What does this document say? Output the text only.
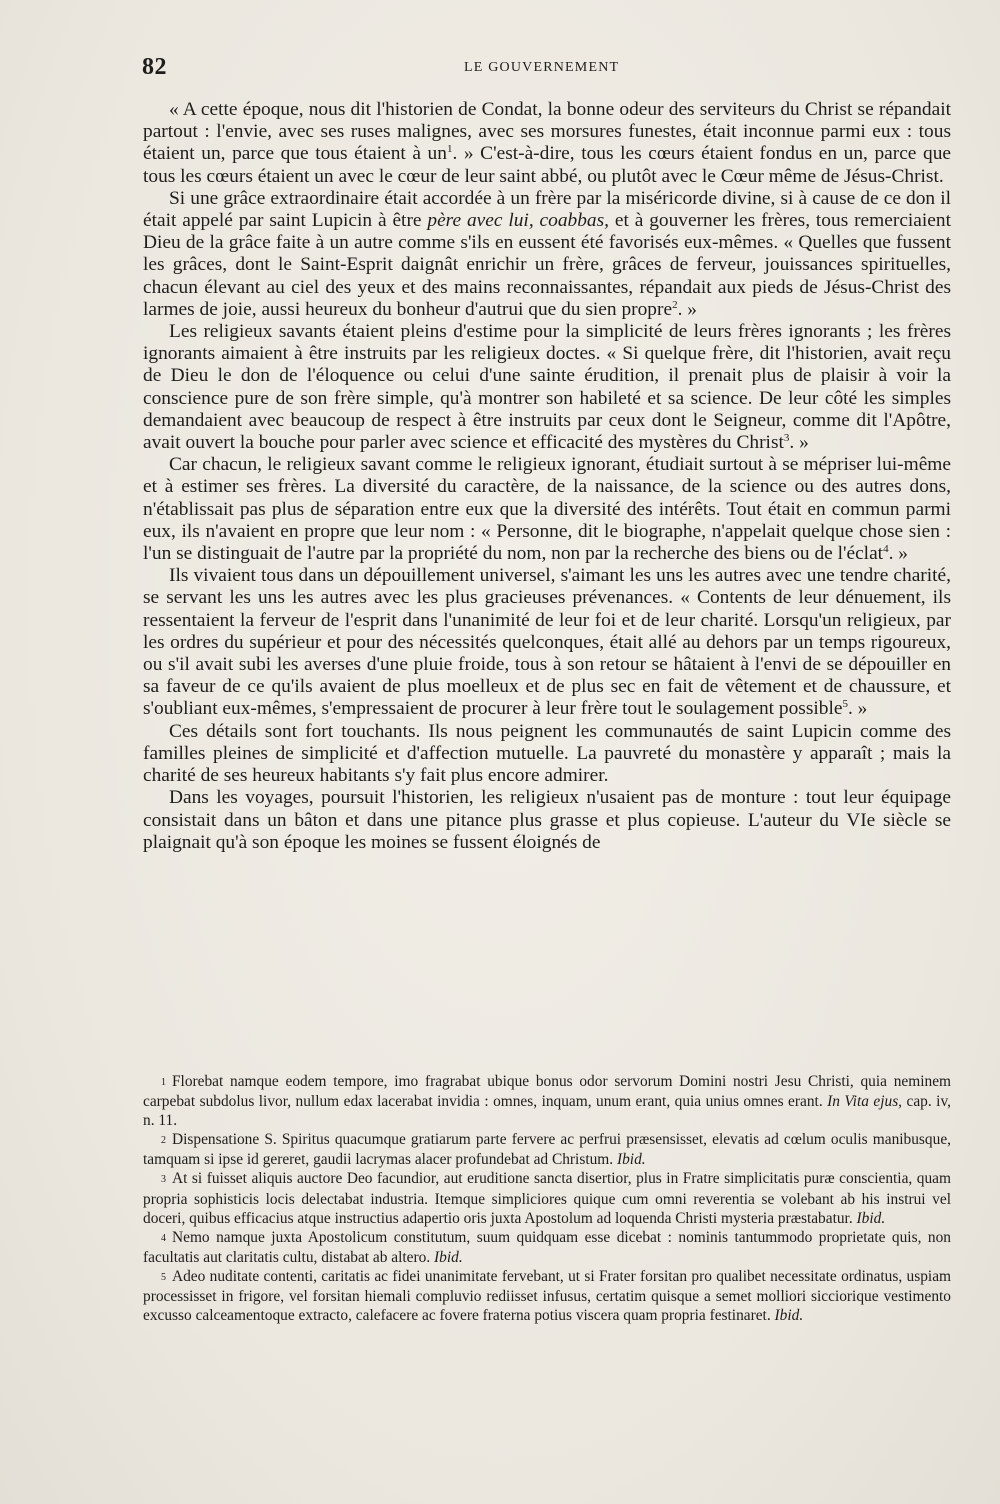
82	LE GOUVERNEMENT

« A cette époque, nous dit l'historien de Condat, la bonne odeur des serviteurs du Christ se répandait partout : l'envie, avec ses ruses malignes, avec ses morsures funestes, était inconnue parmi eux : tous étaient un, parce que tous étaient à $un^1$. » C'est-à-dire, tous les cœurs étaient fondus en un, parce que tous les cœurs étaient un avec le cœur de leur saint abbé, ou plutôt avec le Cœur même de Jésus-Christ.

Si une grâce extraordinaire était accordée à un frère par la miséricorde divine, si à cause de ce don il était appelé par saint Lupicin à être père avec lui, coabbas, et à gouverner les frères, tous remerciaient Dieu de la grâce faite à un autre comme s'ils en eussent été favorisés eux-mêmes. « Quelles que fussent les grâces, dont le Saint-Esprit daignât enrichir un frère, grâces de ferveur, jouissances spirituelles, chacun élevant au ciel des yeux et des mains reconnaissantes, répandait aux pieds de Jésus-Christ des larmes de joie, aussi heureux du bonheur d'autrui que du sien propre$^2$. »

Les religieux savants étaient pleins d'estime pour la simplicité de leurs frères ignorants ; les frères ignorants aimaient à être instruits par les religieux doctes. « Si quelque frère, dit l'historien, avait reçu de Dieu le don de l'éloquence ou celui d'une sainte érudition, il prenait plus de plaisir à voir la conscience pure de son frère simple, qu'à montrer son habileté et sa science. De leur côté les simples demandaient avec beaucoup de respect à être instruits par ceux dont le Seigneur, comme dit l'Apôtre, avait ouvert la bouche pour parler avec science et efficacité des mystères du Christ$^3$. »

Car chacun, le religieux savant comme le religieux ignorant, étudiait surtout à se mépriser lui-même et à estimer ses frères. La diversité du caractère, de la naissance, de la science ou des autres dons, n'établissait pas plus de séparation entre eux que la diversité des intérêts. Tout était en commun parmi eux, ils n'avaient en propre que leur nom : « Personne, dit le biographe, n'appelait quelque chose sien : l'un se distinguait de l'autre par la propriété du nom, non par la recherche des biens ou de l'éclat$^4$. »

Ils vivaient tous dans un dépouillement universel, s'aimant les uns les autres avec une tendre charité, se servant les uns les autres avec les plus gracieuses prévenances. « Contents de leur dénuement, ils ressentaient la ferveur de l'esprit dans l'unanimité de leur foi et de leur charité. Lorsqu'un religieux, par les ordres du supérieur et pour des nécessités quelconques, était allé au dehors par un temps rigoureux, ou s'il avait subi les averses d'une pluie froide, tous à son retour se hâtaient à l'envi de se dépouiller en sa faveur de ce qu'ils avaient de plus moelleux et de plus sec en fait de vêtement et de chaussure, et s'oubliant eux-mêmes, s'empressaient de procurer à leur frère tout le soulagement possible$^5$. »

Ces détails sont fort touchants. Ils nous peignent les communautés de saint Lupicin comme des familles pleines de simplicité et d'affection mutuelle. La pauvreté du monastère y apparaît ; mais la charité de ses heureux habitants s'y fait plus encore admirer.

Dans les voyages, poursuit l'historien, les religieux n'usaient pas de monture : tout leur équipage consistait dans un bâton et dans une pitance plus grasse et plus copieuse. L'auteur du VIe siècle se plaignait qu'à son époque les moines se fussent éloignés de

1 Florebat namque eodem tempore, imo fragrabat ubique bonus odor servorum Domini nostri Jesu Christi, quia neminem carpebat subdolus livor, nullum edax lacerabat invidia : omnes, inquam, unum erant, quia unius omnes erant. In Vita ejus, cap. iv, n. 11.

2 Dispensatione S. Spiritus quacumque gratiarum parte fervere ac perfrui præsensisset, elevatis ad cœlum oculis manibusque, tamquam si ipse id gereret, gaudii lacrymas alacer profundebat ad Christum. Ibid.

3 At si fuisset aliquis auctore Deo facundior, aut eruditione sancta disertior, plus in Fratre simplicitatis puræ conscientia, quam propria sophisticis locis delectabat industria. Itemque simpliciores quique cum omni reverentia se volebant ab his instrui vel doceri, quibus efficacius atque instructius adapertio oris juxta Apostolum ad loquenda Christi mysteria præstabatur. Ibid.

4 Nemo namque juxta Apostolicum constitutum, suum quidquam esse dicebat : nominis tantummodo proprietate quis, non facultatis aut claritatis cultu, distabat ab altero. Ibid.

5 Adeo nuditate contenti, caritatis ac fidei unanimitate fervebant, ut si Frater forsitan pro qualibet necessitate ordinatus, uspiam processisset in frigore, vel forsitan hiemali compluvio rediisset infusus, certatim quisque a semet molliori sicciorique vestimento excusso calceamentoque extracto, calefacere ac fovere fraterna potius viscera quam propria festinaret. Ibid.
